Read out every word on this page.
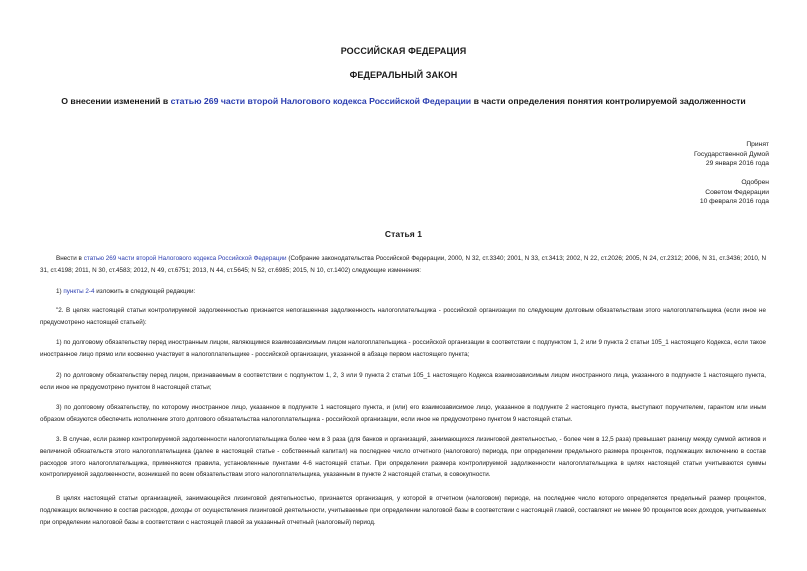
РОССИЙСКАЯ ФЕДЕРАЦИЯ
ФЕДЕРАЛЬНЫЙ ЗАКОН
О внесении изменений в статью 269 части второй Налогового кодекса Российской Федерации в части определения понятия контролируемой задолженности
Принят
Государственной Думой
29 января 2016 года
Одобрен
Советом Федерации
10 февраля 2016 года
Статья 1
Внести в статью 269 части второй Налогового кодекса Российской Федерации (Собрание законодательства Российской Федерации, 2000, N 32, ст.3340; 2001, N 33, ст.3413; 2002, N 22, ст.2026; 2005, N 24, ст.2312; 2006, N 31, ст.3436; 2010, N 31, ст.4198; 2011, N 30, ст.4583; 2012, N 49, ст.6751; 2013, N 44, ст.5645; N 52, ст.6985; 2015, N 10, ст.1402) следующие изменения:
1) пункты 2-4 изложить в следующей редакции:
"2. В целях настоящей статьи контролируемой задолженностью признается непогашенная задолженность налогоплательщика - российской организации по следующим долговым обязательствам этого налогоплательщика (если иное не предусмотрено настоящей статьей):
1) по долговому обязательству перед иностранным лицом, являющимся взаимозависимым лицом налогоплательщика - российской организации в соответствии с подпунктом 1, 2 или 9 пункта 2 статьи 105_1 настоящего Кодекса, если такое иностранное лицо прямо или косвенно участвует в налогоплательщике - российской организации, указанной в абзаце первом настоящего пункта;
2) по долговому обязательству перед лицом, признаваемым в соответствии с подпунктом 1, 2, 3 или 9 пункта 2 статьи 105_1 настоящего Кодекса взаимозависимым лицом иностранного лица, указанного в подпункте 1 настоящего пункта, если иное не предусмотрено пунктом 8 настоящей статьи;
3) по долговому обязательству, по которому иностранное лицо, указанное в подпункте 1 настоящего пункта, и (или) его взаимозависимое лицо, указанное в подпункте 2 настоящего пункта, выступают поручителем, гарантом или иным образом обязуются обеспечить исполнение этого долгового обязательства налогоплательщика - российской организации, если иное не предусмотрено пунктом 9 настоящей статьи.
3. В случае, если размер контролируемой задолженности налогоплательщика более чем в 3 раза (для банков и организаций, занимающихся лизинговой деятельностью, - более чем в 12,5 раза) превышает разницу между суммой активов и величиной обязательств этого налогоплательщика (далее в настоящей статье - собственный капитал) на последнее число отчетного (налогового) периода, при определении предельного размера процентов, подлежащих включению в состав расходов этого налогоплательщика, применяются правила, установленные пунктами 4-6 настоящей статьи. При определении размера контролируемой задолженности налогоплательщика в целях настоящей статьи учитываются суммы контролируемой задолженности, возникшей по всем обязательствам этого налогоплательщика, указанным в пункте 2 настоящей статьи, в совокупности.
В целях настоящей статьи организацией, занимающейся лизинговой деятельностью, признается организация, у которой в отчетном (налоговом) периоде, на последнее число которого определяется предельный размер процентов, подлежащих включению в состав расходов, доходы от осуществления лизинговой деятельности, учитываемые при определении налоговой базы в соответствии с настоящей главой, составляют не менее 90 процентов всех доходов, учитываемых при определении налоговой базы в соответствии с настоящей главой за указанный отчетный (налоговый) период.
